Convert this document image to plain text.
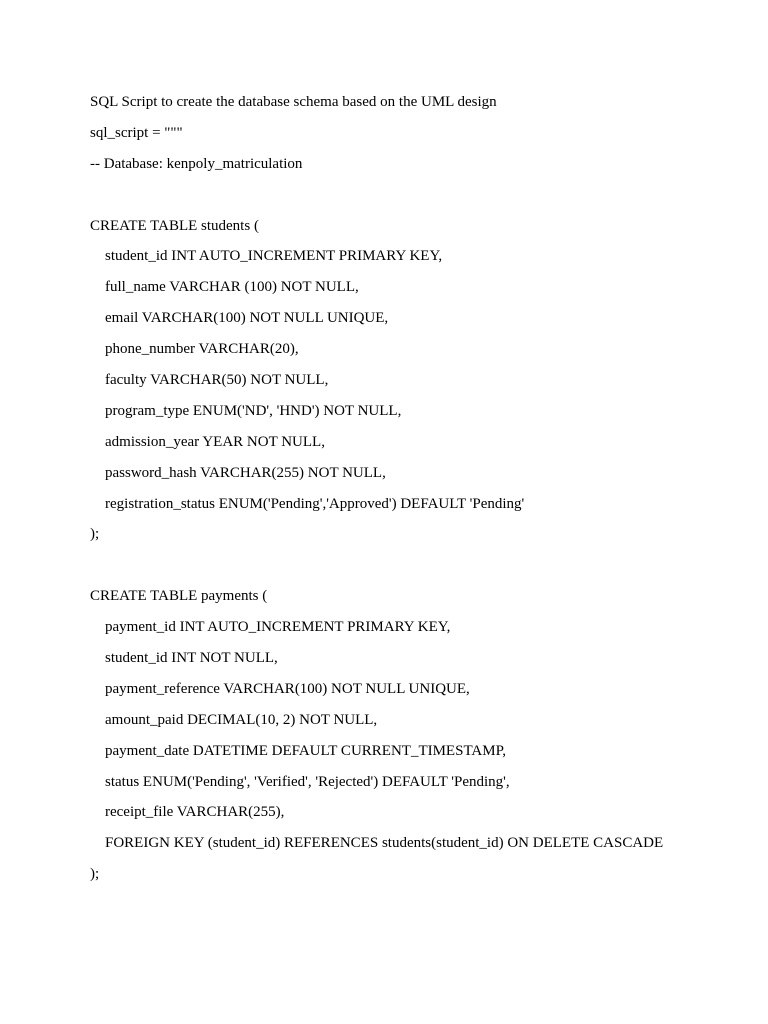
SQL Script to create the database schema based on the UML design
sql_script = """
-- Database: kenpoly_matriculation
CREATE TABLE students (
student_id INT AUTO_INCREMENT PRIMARY KEY,
full_name VARCHAR (100) NOT NULL,
email VARCHAR(100) NOT NULL UNIQUE,
phone_number VARCHAR(20),
faculty VARCHAR(50) NOT NULL,
program_type ENUM('ND', 'HND') NOT NULL,
admission_year YEAR NOT NULL,
password_hash VARCHAR(255) NOT NULL,
registration_status ENUM('Pending','Approved') DEFAULT 'Pending'
);
CREATE TABLE payments (
payment_id INT AUTO_INCREMENT PRIMARY KEY,
student_id INT NOT NULL,
payment_reference VARCHAR(100) NOT NULL UNIQUE,
amount_paid DECIMAL(10, 2) NOT NULL,
payment_date DATETIME DEFAULT CURRENT_TIMESTAMP,
status ENUM('Pending', 'Verified', 'Rejected') DEFAULT 'Pending',
receipt_file VARCHAR(255),
FOREIGN KEY (student_id) REFERENCES students(student_id) ON DELETE CASCADE
);
